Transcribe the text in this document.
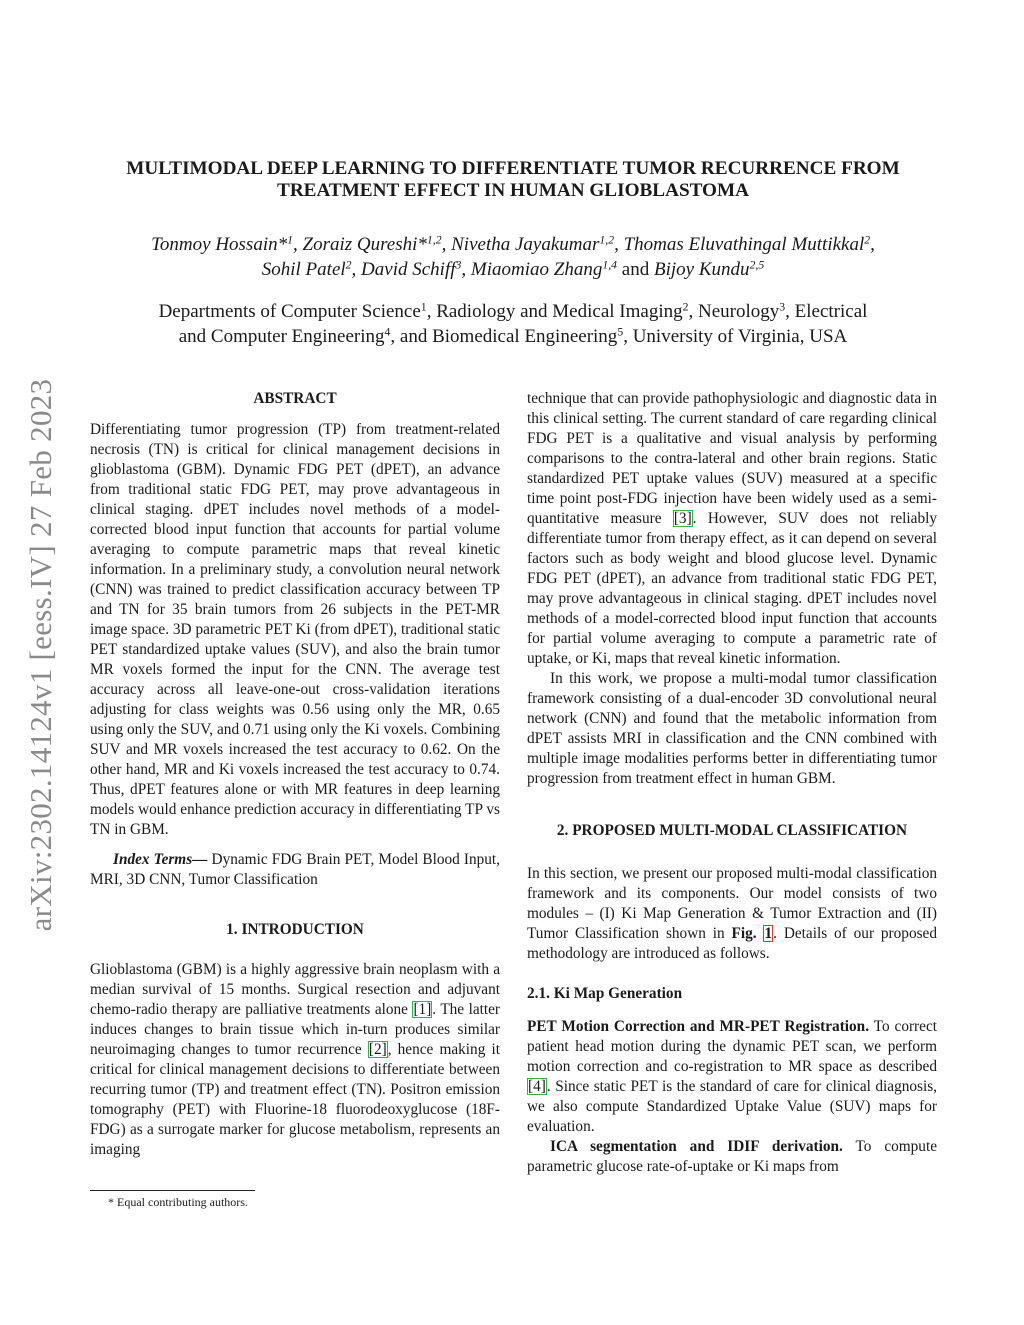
arXiv:2302.14124v1 [eess.IV] 27 Feb 2023
MULTIMODAL DEEP LEARNING TO DIFFERENTIATE TUMOR RECURRENCE FROM
TREATMENT EFFECT IN HUMAN GLIOBLASTOMA
Tonmoy Hossain*$^1$, Zoraiz Qureshi*$^{1,2}$, Nivetha Jayakumar$^{1,2}$, Thomas Eluvathingal Muttikkal$^2$,
Sohil Patel$^2$, David Schiff$^3$, Miaomiao Zhang$^{1,4}$ and Bijoy Kundu$^{2,5}$
Departments of Computer Science$^1$, Radiology and Medical Imaging$^2$, Neurology$^3$, Electrical
and Computer Engineering$^4$, and Biomedical Engineering$^5$, University of Virginia, USA

ABSTRACT

Differentiating tumor progression (TP) from treatment-related necrosis (TN) is critical for clinical management decisions in glioblastoma (GBM). Dynamic FDG PET (dPET), an advance from traditional static FDG PET, may prove advantageous in clinical staging. dPET includes novel methods of a model-corrected blood input function that accounts for partial volume averaging to compute parametric maps that reveal kinetic information. In a preliminary study, a convolution neural network (CNN) was trained to predict classification accuracy between TP and TN for 35 brain tumors from 26 subjects in the PET-MR image space. 3D parametric PET Ki (from dPET), traditional static PET standardized uptake values (SUV), and also the brain tumor MR voxels formed the input for the CNN. The average test accuracy across all leave-one-out cross-validation iterations adjusting for class weights was 0.56 using only the MR, 0.65 using only the SUV, and 0.71 using only the Ki voxels. Combining SUV and MR voxels increased the test accuracy to 0.62. On the other hand, MR and Ki voxels increased the test accuracy to 0.74. Thus, dPET features alone or with MR features in deep learning models would enhance prediction accuracy in differentiating TP vs TN in GBM.

Index Terms— Dynamic FDG Brain PET, Model Blood Input, MRI, 3D CNN, Tumor Classification

1. INTRODUCTION

Glioblastoma (GBM) is a highly aggressive brain neoplasm with a median survival of 15 months. Surgical resection and adjuvant chemo-radio therapy are palliative treatments alone [1]. The latter induces changes to brain tissue which in-turn produces similar neuroimaging changes to tumor recurrence [2], hence making it critical for clinical management decisions to differentiate between recurring tumor (TP) and treatment effect (TN). Positron emission tomography (PET) with Fluorine-18 fluorodeoxyglucose (18F-FDG) as a surrogate marker for glucose metabolism, represents an imaging

technique that can provide pathophysiologic and diagnostic data in this clinical setting. The current standard of care regarding clinical FDG PET is a qualitative and visual analysis by performing comparisons to the contra-lateral and other brain regions. Static standardized PET uptake values (SUV) measured at a specific time point post-FDG injection have been widely used as a semi-quantitative measure [3]. However, SUV does not reliably differentiate tumor from therapy effect, as it can depend on several factors such as body weight and blood glucose level. Dynamic FDG PET (dPET), an advance from traditional static FDG PET, may prove advantageous in clinical staging. dPET includes novel methods of a model-corrected blood input function that accounts for partial volume averaging to compute a parametric rate of uptake, or Ki, maps that reveal kinetic information.

In this work, we propose a multi-modal tumor classification framework consisting of a dual-encoder 3D convolutional neural network (CNN) and found that the metabolic information from dPET assists MRI in classification and the CNN combined with multiple image modalities performs better in differentiating tumor progression from treatment effect in human GBM.

2. PROPOSED MULTI-MODAL CLASSIFICATION

In this section, we present our proposed multi-modal classification framework and its components. Our model consists of two modules – (I) Ki Map Generation & Tumor Extraction and (II) Tumor Classification shown in Fig. 1. Details of our proposed methodology are introduced as follows.

2.1. Ki Map Generation

PET Motion Correction and MR-PET Registration. To correct patient head motion during the dynamic PET scan, we perform motion correction and co-registration to MR space as described [4]. Since static PET is the standard of care for clinical diagnosis, we also compute Standardized Uptake Value (SUV) maps for evaluation.

ICA segmentation and IDIF derivation. To compute parametric glucose rate-of-uptake or Ki maps from

* Equal contributing authors.
